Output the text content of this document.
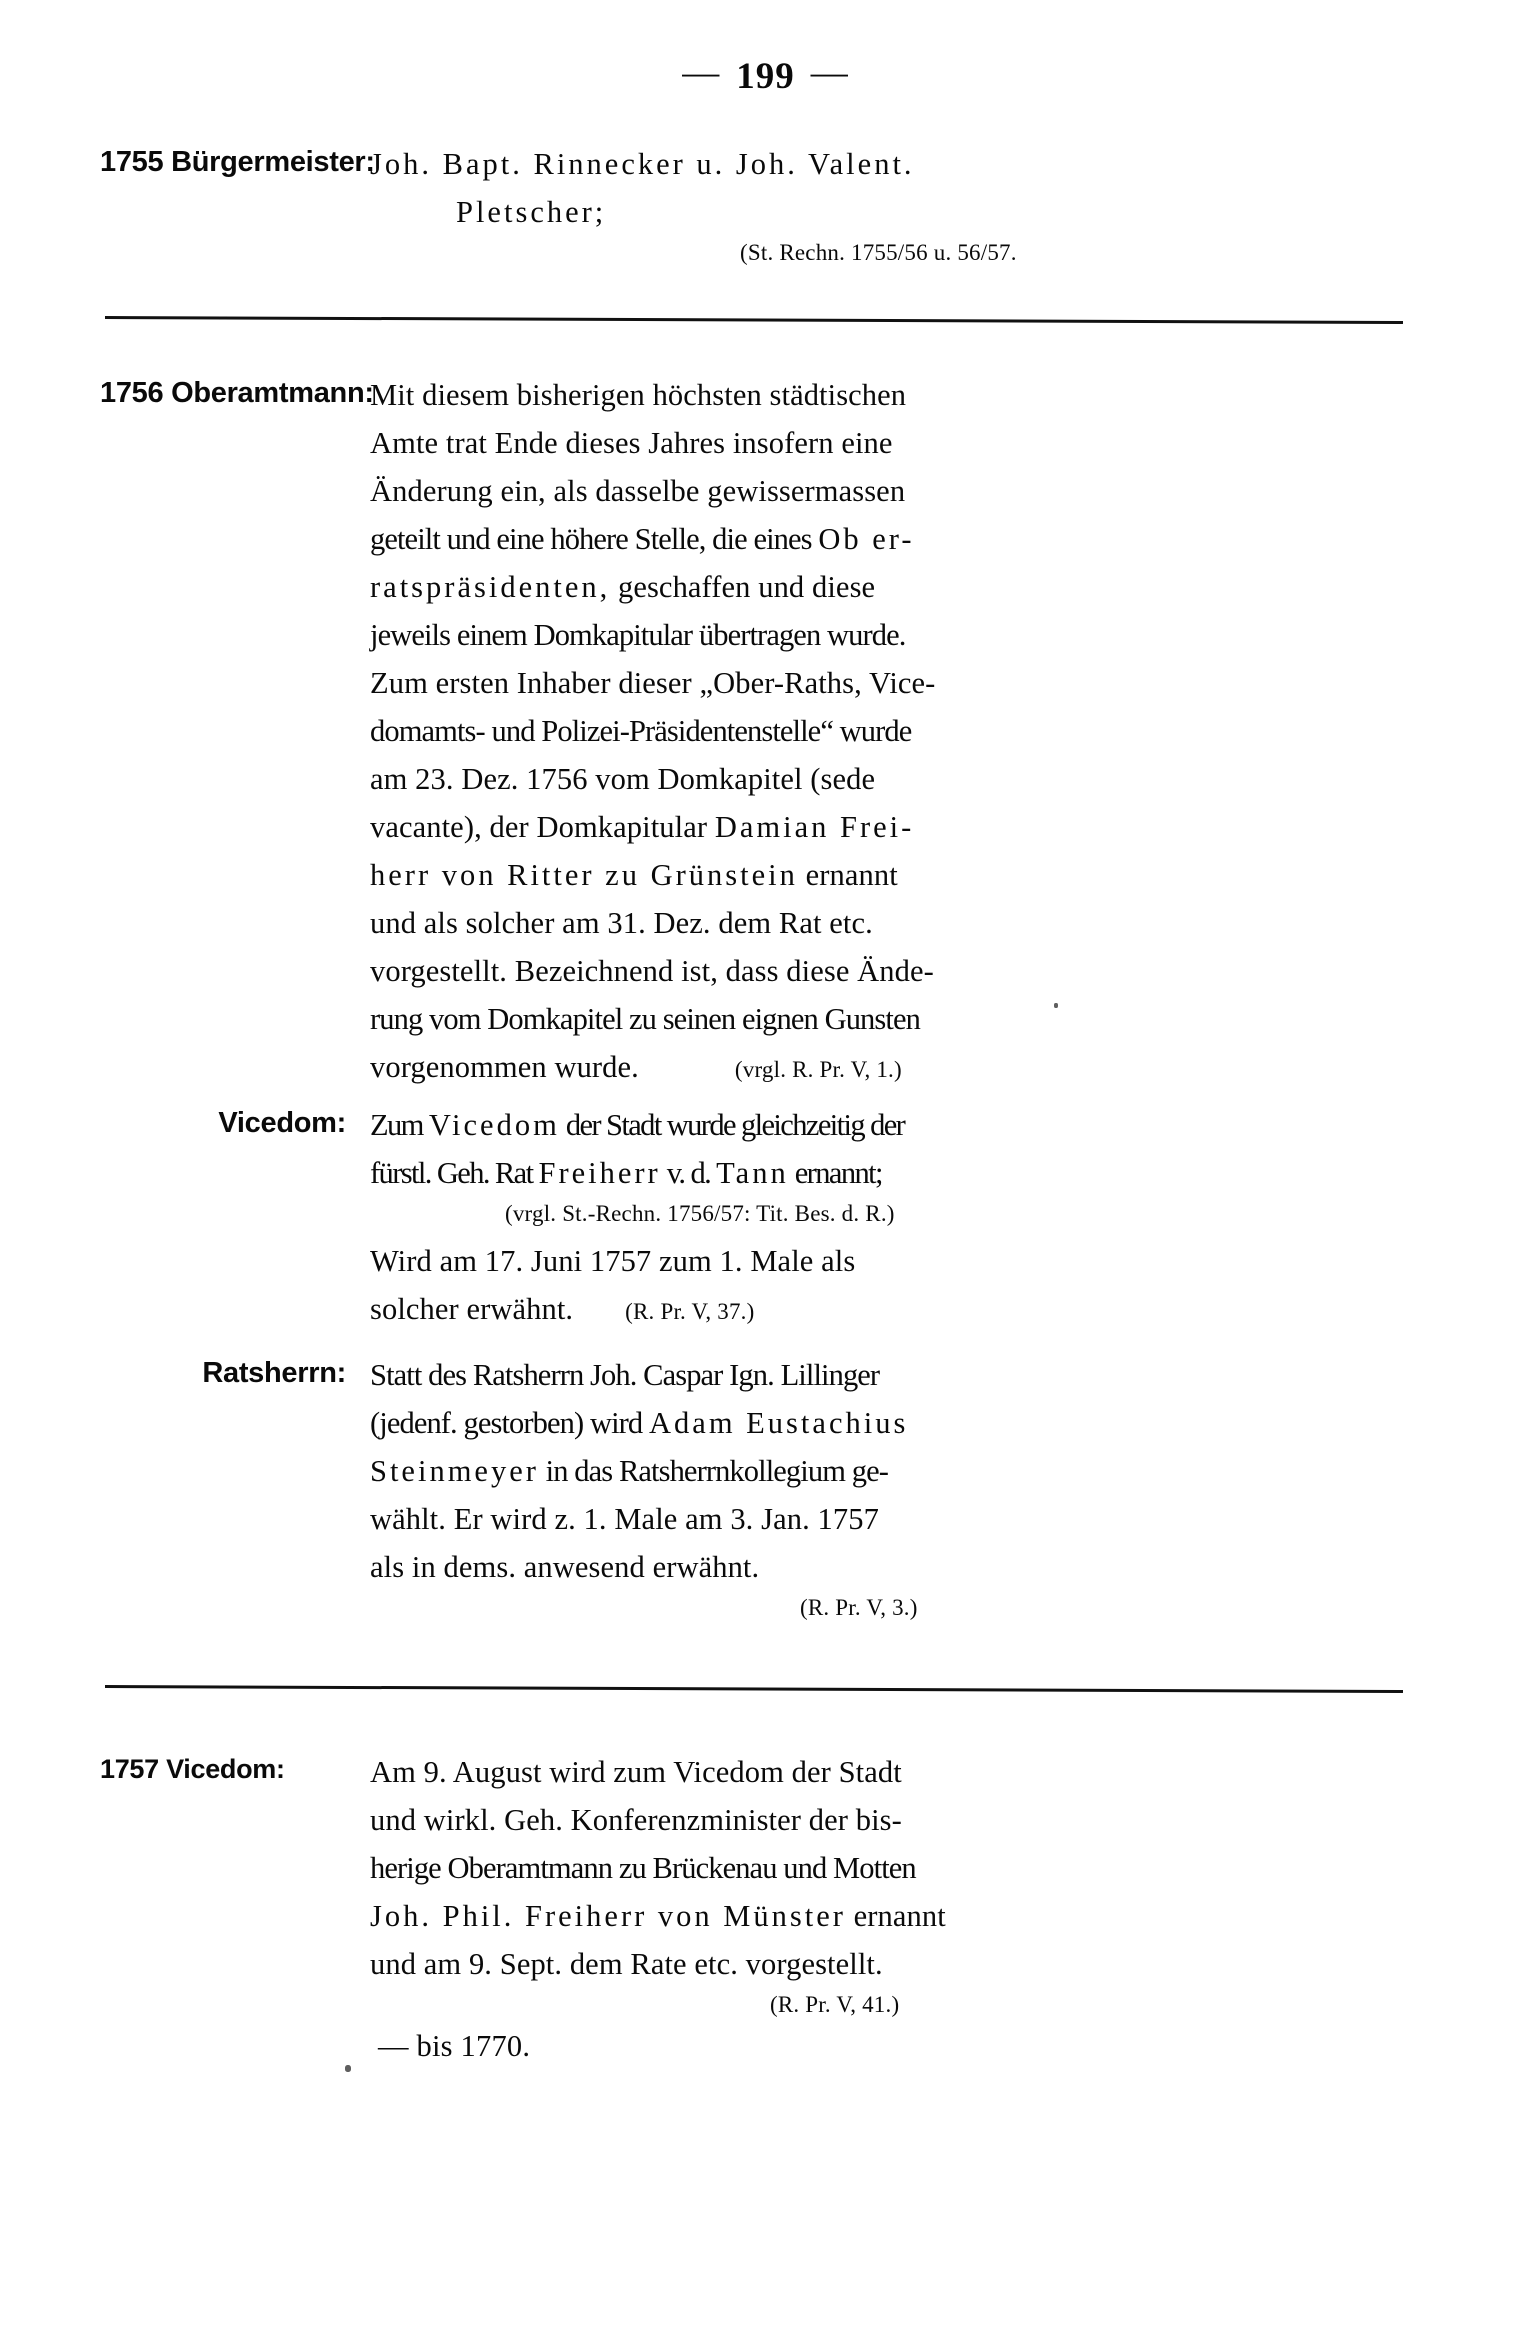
— 199 —
1755 Bürgermeister:
Joh. Bapt. Rinnecker u. Joh. Valent.
Pletscher;
(St. Rechn. 1755/56 u. 56/57.
1756 Oberamtmann:
Mit diesem bisherigen höchsten städtischen
Amte trat Ende dieses Jahres insofern eine
Änderung ein, als dasselbe gewissermassen
geteilt und eine höhere Stelle, die eines Ob er-
ratspräsidenten, geschaffen und diese
jeweils einem Domkapitular übertragen wurde.
Zum ersten Inhaber dieser „Ober-Raths, Vice-
domamts- und Polizei-Präsidentenstelle“ wurde
am 23. Dez. 1756 vom Domkapitel (sede
vacante), der Domkapitular Damian Frei-
herr von Ritter zu Grünstein ernannt
und als solcher am 31. Dez. dem Rat etc.
vorgestellt. Bezeichnend ist, dass diese Ände-
rung vom Domkapitel zu seinen eignen Gunsten
vorgenommen wurde.	(vrgl. R. Pr. V, 1.)
Vicedom: Zum Vicedom der Stadt wurde gleichzeitig der
fürstl. Geh. Rat Freiherr v. d. Tann ernannt;
(vrgl. St.-Rechn. 1756/57: Tit. Bes. d. R.)
Wird am 17. Juni 1757 zum 1. Male als
solcher erwähnt. (R. Pr. V, 37.)
Ratsherrn: Statt des Ratsherrn Joh. Caspar Ign. Lillinger
(jedenf. gestorben) wird Adam Eustachius
Steinmeyer in das Ratsherrnkollegium ge-
wählt. Er wird z. 1. Male am 3. Jan. 1757
als in dems. anwesend erwähnt.
(R. Pr. V, 3.)
1757 Vicedom:	Am 9. August wird zum Vicedom der Stadt
und wirkl. Geh. Konferenzminister der bis-
herige Oberamtmann zu Brückenau und Motten
Joh. Phil. Freiherr von Münster ernannt
und am 9. Sept. dem Rate etc. vorgestellt.
(R. Pr. V, 41.)
— bis 1770.
